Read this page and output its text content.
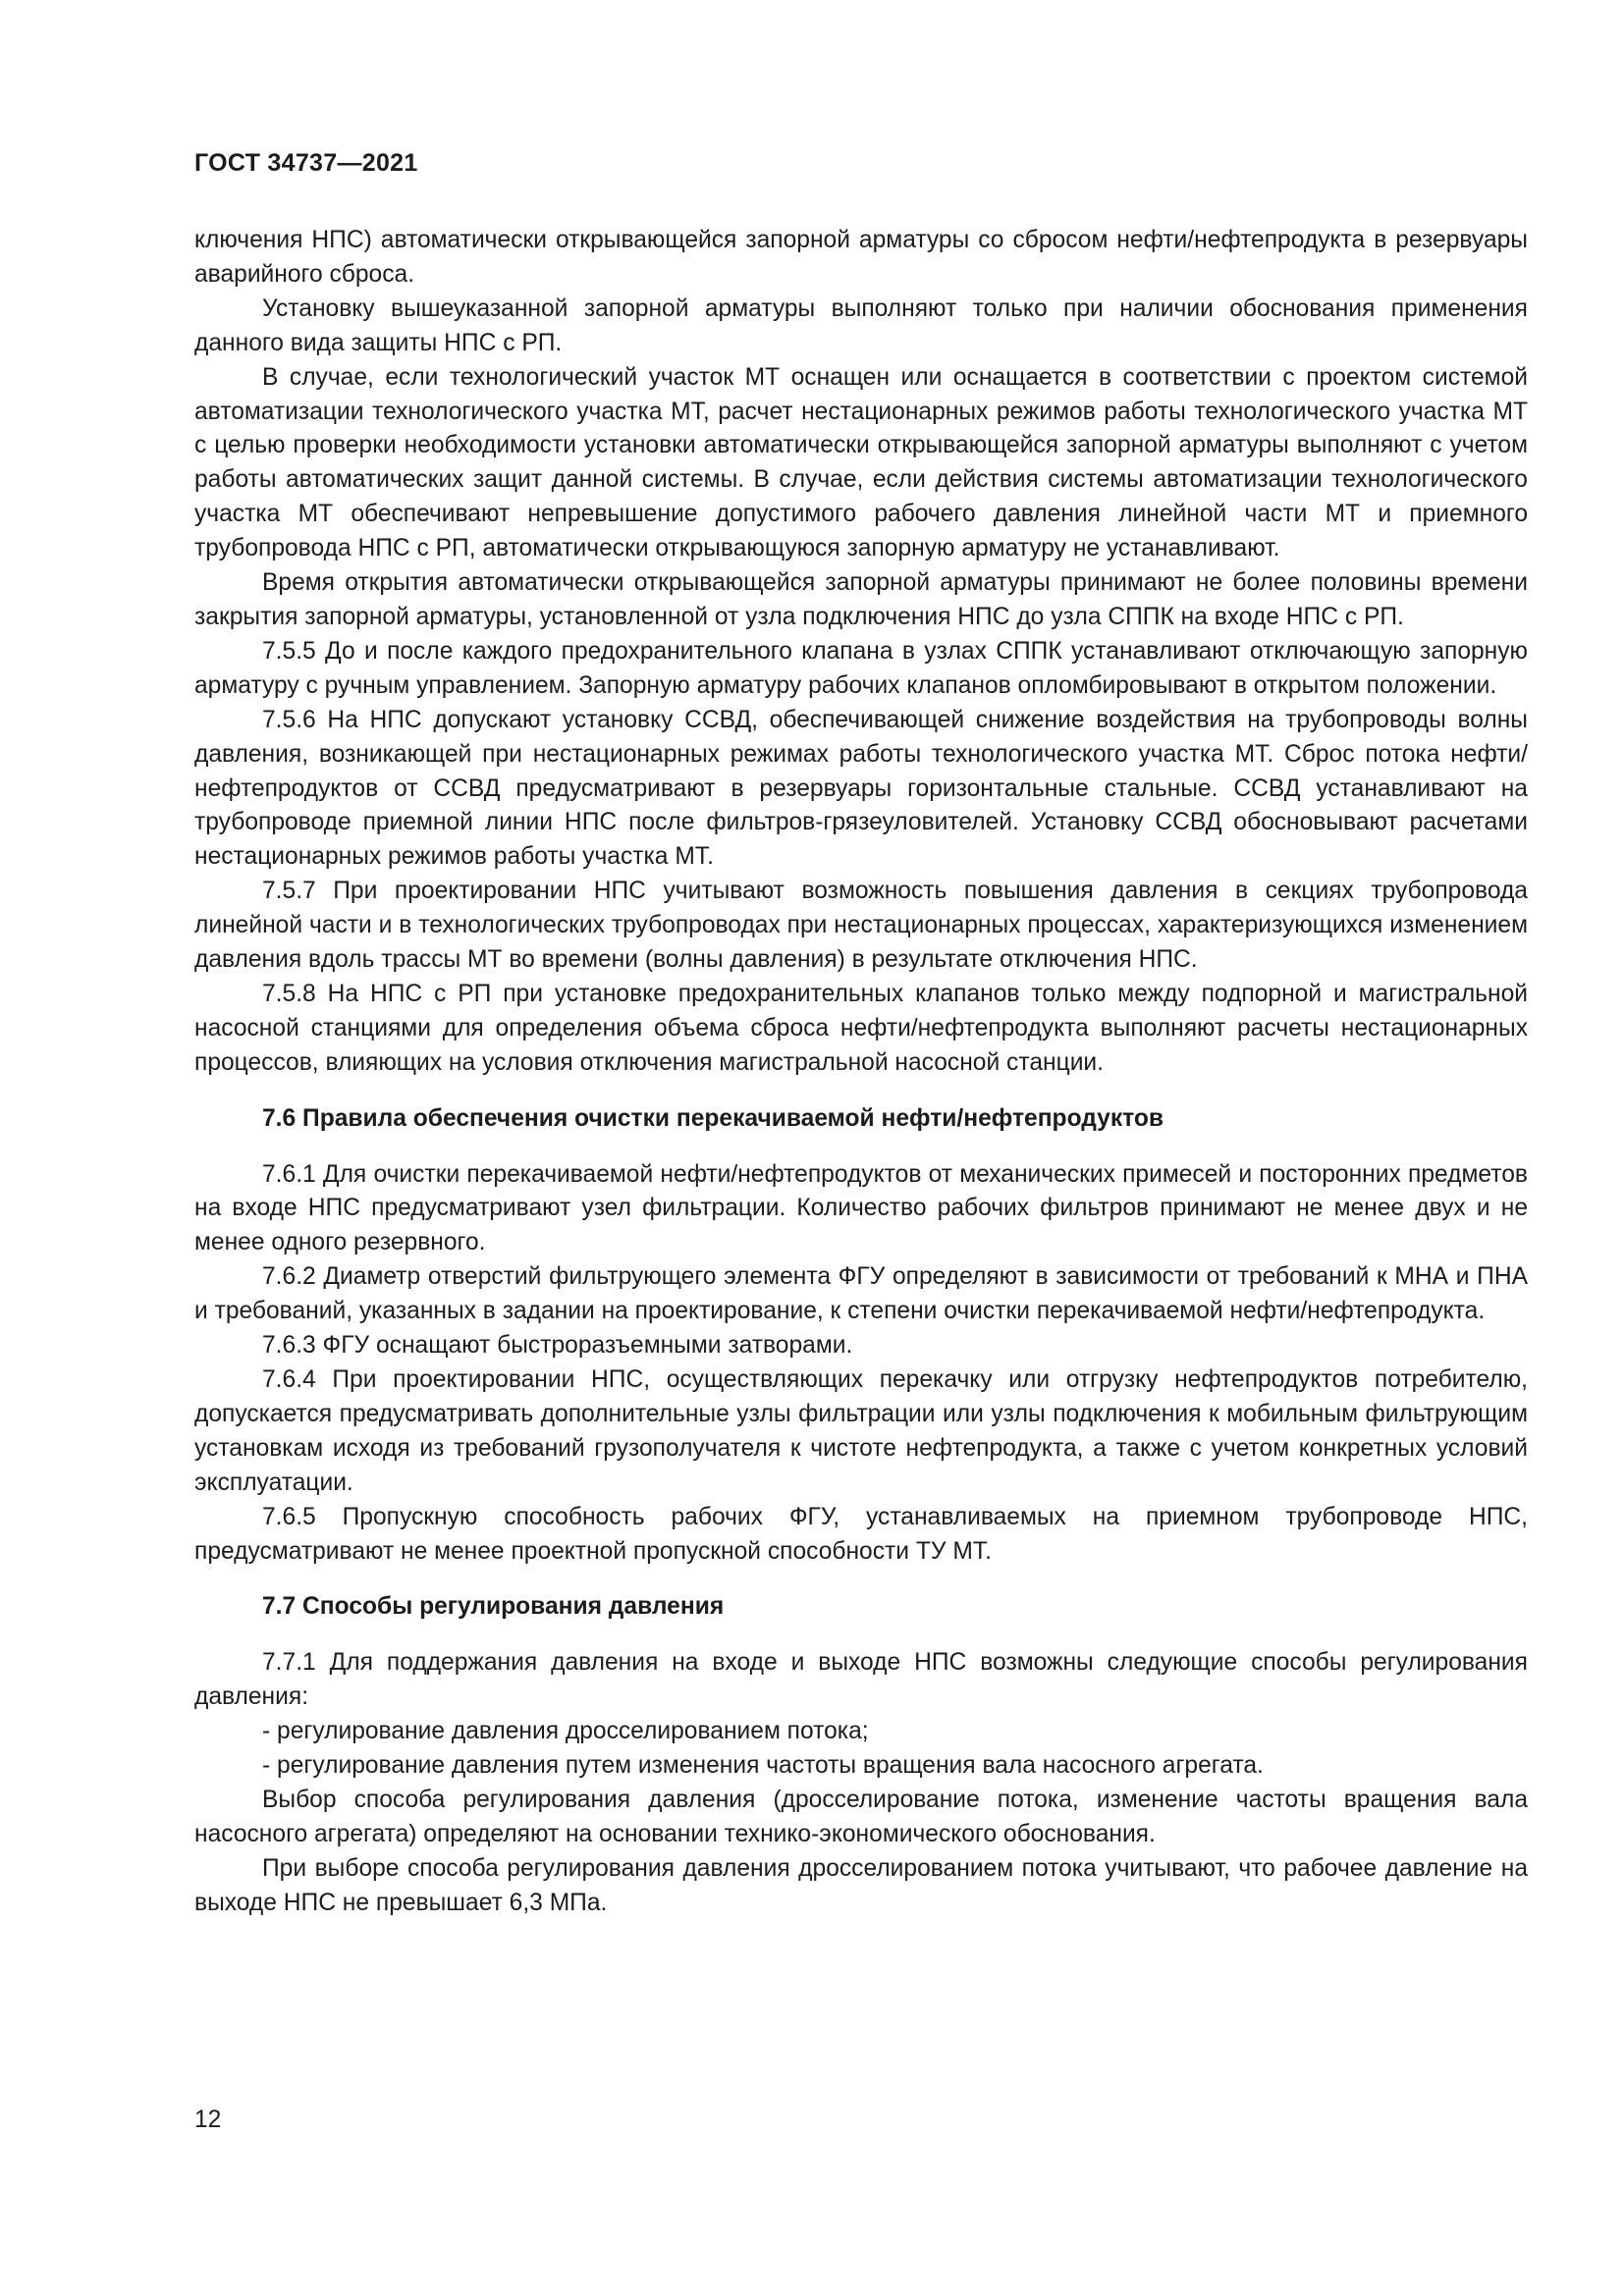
ГОСТ 34737—2021

ключения НПС) автоматически открывающейся запорной арматуры со сбросом нефти/нефтепродукта в резервуары аварийного сброса.

Установку вышеуказанной запорной арматуры выполняют только при наличии обоснования применения данного вида защиты НПС с РП.

В случае, если технологический участок МТ оснащен или оснащается в соответствии с проектом системой автоматизации технологического участка МТ, расчет нестационарных режимов работы технологического участка МТ с целью проверки необходимости установки автоматически открывающейся запорной арматуры выполняют с учетом работы автоматических защит данной системы. В случае, если действия системы автоматизации технологического участка МТ обеспечивают непревышение допустимого рабочего давления линейной части МТ и приемного трубопровода НПС с РП, автоматически открывающуюся запорную арматуру не устанавливают.

Время открытия автоматически открывающейся запорной арматуры принимают не более половины времени закрытия запорной арматуры, установленной от узла подключения НПС до узла СППК на входе НПС с РП.

7.5.5 До и после каждого предохранительного клапана в узлах СППК устанавливают отключающую запорную арматуру с ручным управлением. Запорную арматуру рабочих клапанов опломбировывают в открытом положении.

7.5.6 На НПС допускают установку ССВД, обеспечивающей снижение воздействия на трубопроводы волны давления, возникающей при нестационарных режимах работы технологического участка МТ. Сброс потока нефти/нефтепродуктов от ССВД предусматривают в резервуары горизонтальные стальные. ССВД устанавливают на трубопроводе приемной линии НПС после фильтров-грязеуловителей. Установку ССВД обосновывают расчетами нестационарных режимов работы участка МТ.

7.5.7 При проектировании НПС учитывают возможность повышения давления в секциях трубопровода линейной части и в технологических трубопроводах при нестационарных процессах, характеризующихся изменением давления вдоль трассы МТ во времени (волны давления) в результате отключения НПС.

7.5.8 На НПС с РП при установке предохранительных клапанов только между подпорной и магистральной насосной станциями для определения объема сброса нефти/нефтепродукта выполняют расчеты нестационарных процессов, влияющих на условия отключения магистральной насосной станции.

7.6 Правила обеспечения очистки перекачиваемой нефти/нефтепродуктов

7.6.1 Для очистки перекачиваемой нефти/нефтепродуктов от механических примесей и посторонних предметов на входе НПС предусматривают узел фильтрации. Количество рабочих фильтров принимают не менее двух и не менее одного резервного.

7.6.2 Диаметр отверстий фильтрующего элемента ФГУ определяют в зависимости от требований к МНА и ПНА и требований, указанных в задании на проектирование, к степени очистки перекачиваемой нефти/нефтепродукта.

7.6.3 ФГУ оснащают быстроразъемными затворами.

7.6.4 При проектировании НПС, осуществляющих перекачку или отгрузку нефтепродуктов потребителю, допускается предусматривать дополнительные узлы фильтрации или узлы подключения к мобильным фильтрующим установкам исходя из требований грузополучателя к чистоте нефтепродукта, а также с учетом конкретных условий эксплуатации.

7.6.5 Пропускную способность рабочих ФГУ, устанавливаемых на приемном трубопроводе НПС, предусматривают не менее проектной пропускной способности ТУ МТ.

7.7 Способы регулирования давления

7.7.1 Для поддержания давления на входе и выходе НПС возможны следующие способы регулирования давления:

- регулирование давления дросселированием потока;

- регулирование давления путем изменения частоты вращения вала насосного агрегата.

Выбор способа регулирования давления (дросселирование потока, изменение частоты вращения вала насосного агрегата) определяют на основании технико-экономического обоснования.

При выборе способа регулирования давления дросселированием потока учитывают, что рабочее давление на выходе НПС не превышает 6,3 МПа.

12
